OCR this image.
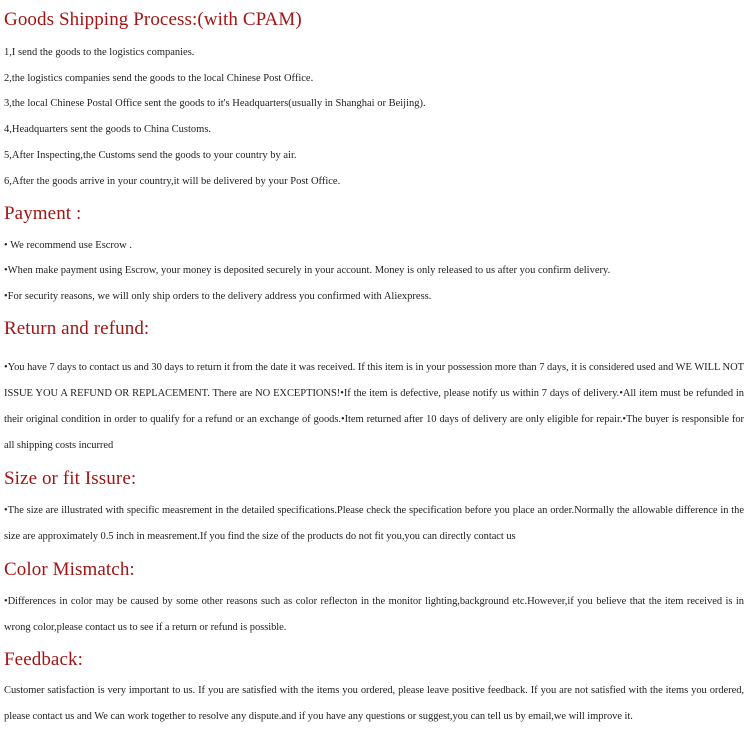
Goods Shipping Process:(with CPAM)

1,I send the goods to the logistics companies.

2,the logistics companies send the goods to the local Chinese Post Office.

3,the local Chinese Postal Office sent the goods to it's Headquarters(usually in Shanghai or Beijing).

4,Headquarters sent the goods to China Customs.

5,After Inspecting,the Customs send the goods to your country by air.

6,After the goods arrive in your country,it will be delivered by your Post Office.

Payment :

• We recommend use Escrow .

•When make payment using Escrow, your money is deposited securely in your account. Money is only released to us after you confirm delivery.

•For security reasons, we will only ship orders to the delivery address you confirmed with Aliexpress.

Return and refund:

•You have 7 days to contact us and 30 days to return it from the date it was received. If this item is in your possession more than 7 days, it is considered used and WE WILL NOT ISSUE YOU A REFUND OR REPLACEMENT. There are NO EXCEPTIONS!•If the item is defective, please notify us within 7 days of delivery.•All item must be refunded in their original condition in order to qualify for a refund or an exchange of goods.•Item returned after 10 days of delivery are only eligible for repair.•The buyer is responsible for all shipping costs incurred

Size or fit Issure:

•The size are illustrated with specific measrement in the detailed specifications.Please check the specification before you place an order.Normally the allowable difference in the size are approximately 0.5 inch in measrement.If you find the size of the products do not fit you,you can directly contact us

Color Mismatch:

•Differences in color may be caused by some other reasons such as color reflecton in the monitor lighting,background etc.However,if you believe that the item received is in wrong color,please contact us to see if a return or refund is possible.

Feedback:

Customer satisfaction is very important to us. If you are satisfied with the items you ordered, please leave positive feedback. If you are not satisfied with the items you ordered, please contact us and We can work together to resolve any dispute.and if you have any questions or suggest,you can tell us by email,we will improve it.
